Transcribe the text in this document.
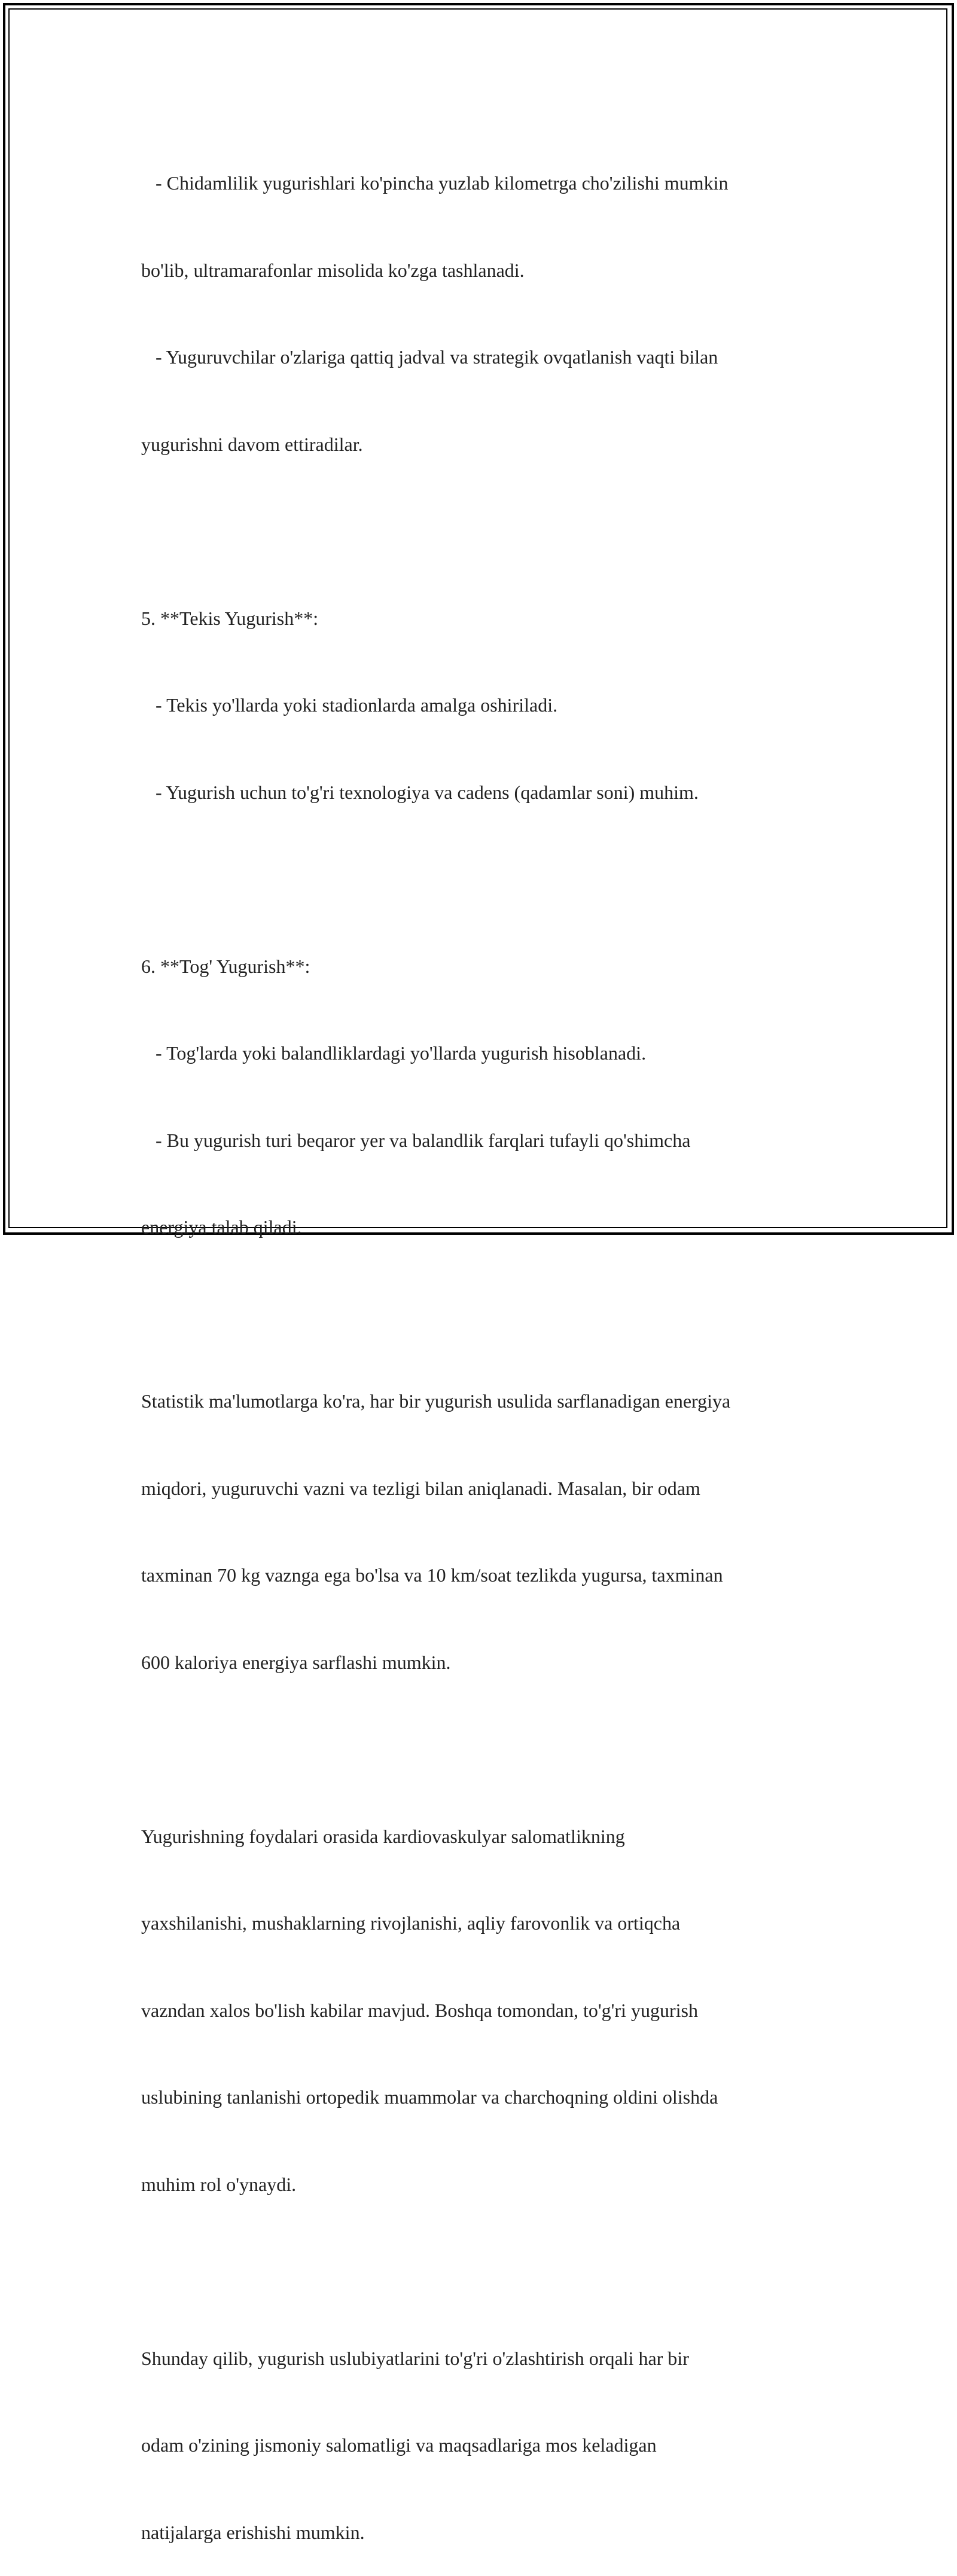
- Chidamlilik yugurishlari ko'pincha yuzlab kilometrga cho'zilishi mumkin

bo'lib, ultramarafonlar misolida ko'zga tashlanadi.

- Yuguruvchilar o'zlariga qattiq jadval va strategik ovqatlanish vaqti bilan

yugurishni davom ettiradilar.

5. **Tekis Yugurish**:

- Tekis yo'llarda yoki stadionlarda amalga oshiriladi.

- Yugurish uchun to'g'ri texnologiya va cadens (qadamlar soni) muhim.

6. **Tog' Yugurish**:

- Tog'larda yoki balandliklardagi yo'llarda yugurish hisoblanadi.

- Bu yugurish turi beqaror yer va balandlik farqlari tufayli qo'shimcha

energiya talab qiladi.

Statistik ma'lumotlarga ko'ra, har bir yugurish usulida sarflanadigan energiya

miqdori, yuguruvchi vazni va tezligi bilan aniqlanadi. Masalan, bir odam

taxminan 70 kg vaznga ega bo'lsa va 10 km/soat tezlikda yugursa, taxminan

600 kaloriya energiya sarflashi mumkin.

Yugurishning foydalari orasida kardiovaskulyar salomatlikning

yaxshilanishi, mushaklarning rivojlanishi, aqliy farovonlik va ortiqcha

vazndan xalos bo'lish kabilar mavjud. Boshqa tomondan, to'g'ri yugurish

uslubining tanlanishi ortopedik muammolar va charchoqning oldini olishda

muhim rol o'ynaydi.

Shunday qilib, yugurish uslubiyatlarini to'g'ri o'zlashtirish orqali har bir

odam o'zining jismoniy salomatligi va maqsadlariga mos keladigan

natijalarga erishishi mumkin.
